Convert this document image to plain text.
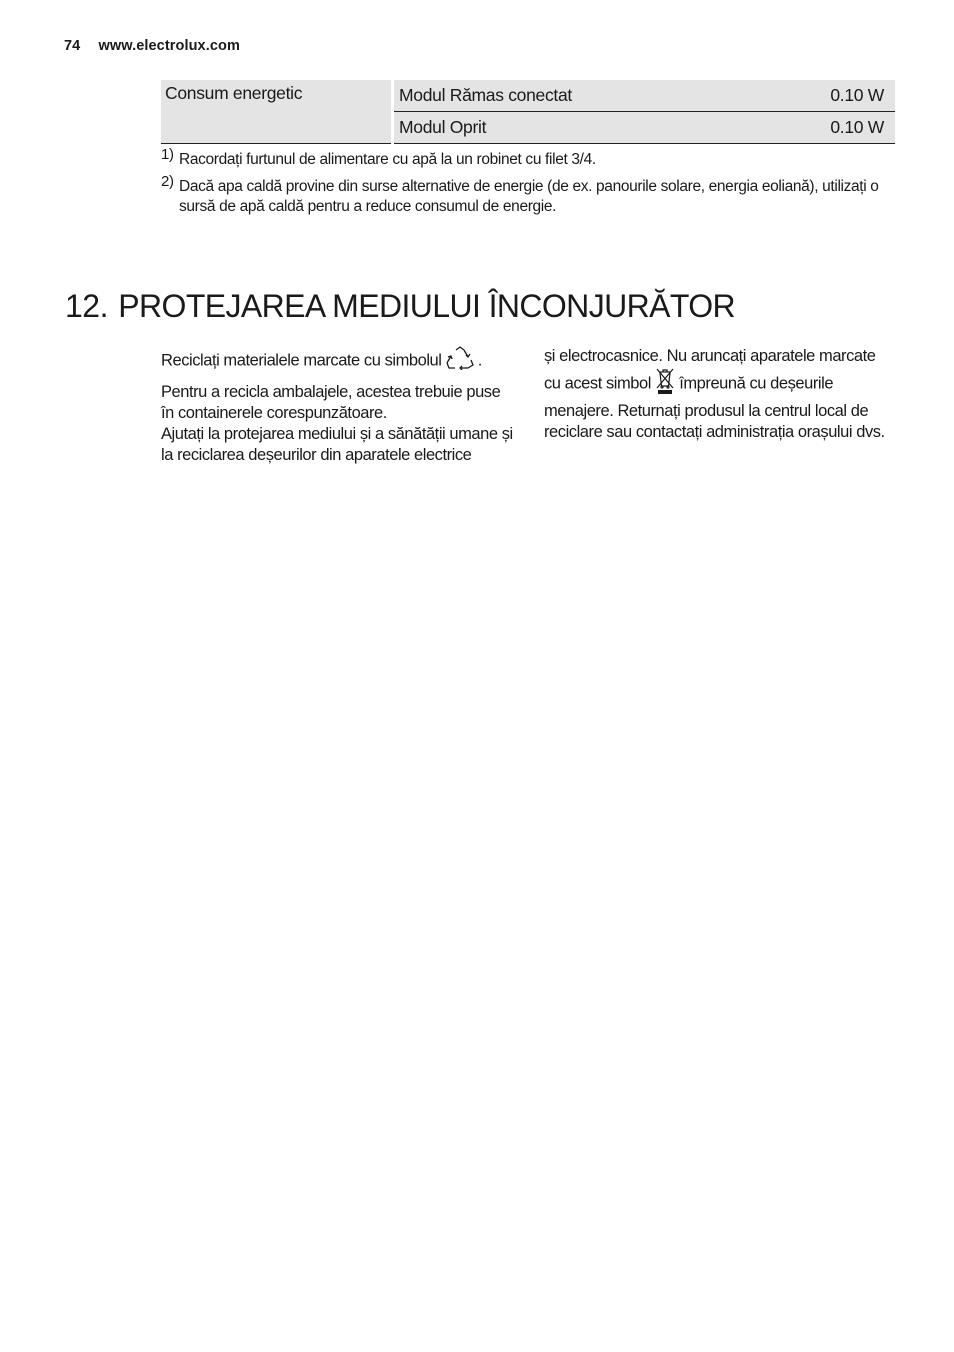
74 www.electrolux.com
Consum energetic		Modul Rămas conectat	0.10 W
		Modul Oprit	0.10 W
1) Racordați furtunul de alimentare cu apă la un robinet cu filet 3/4.
2) Dacă apa caldă provine din surse alternative de energie (de ex. panourile solare, energia eoliană), utilizați o sursă de apă caldă pentru a reduce consumul de energie.
12. PROTEJAREA MEDIULUI ÎNCONJURĂTOR

Reciclați materialele marcate cu simbolul .

Pentru a recicla ambalajele, acestea trebuie puse în containerele corespunzătoare.

Ajutați la protejarea mediului și a sănătății umane și la reciclarea deșeurilor din aparatele electrice

și electrocasnice. Nu aruncați aparatele marcate

cu acest simbol împreună cu deșeurile

menajere. Returnați produsul la centrul local de reciclare sau contactați administrația orașului dvs.
